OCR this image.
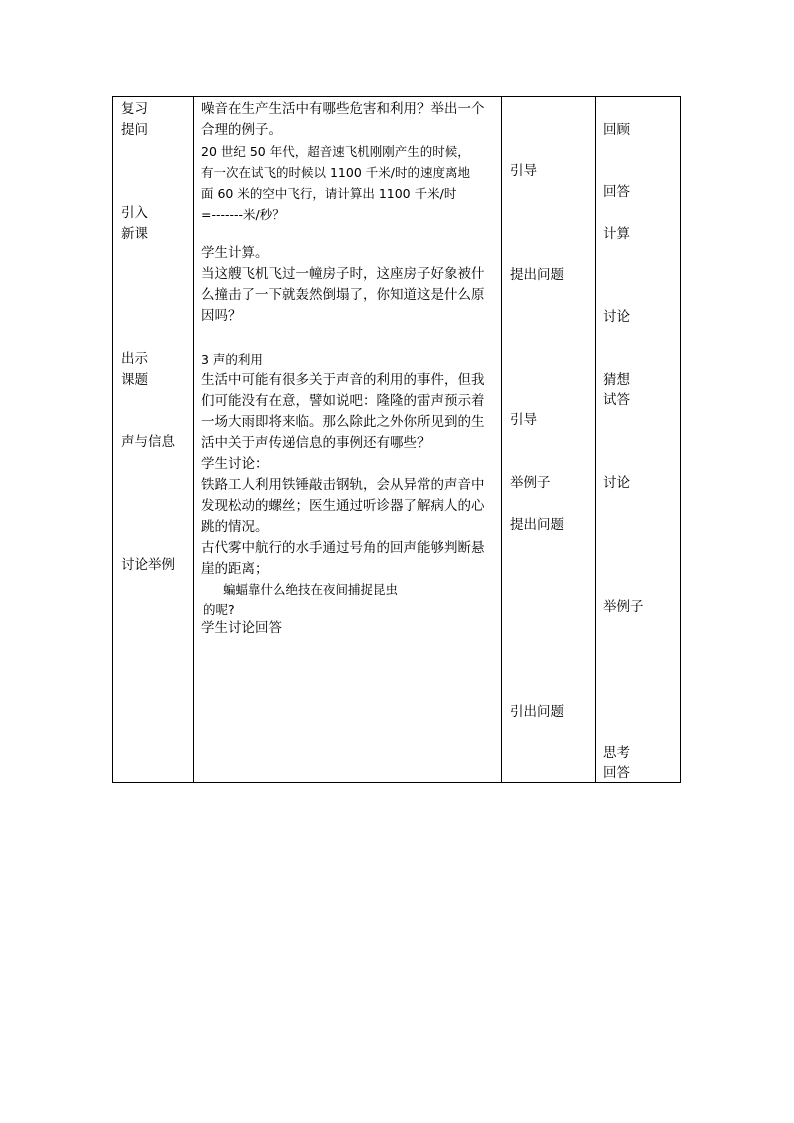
复习
提问
引入
新课
出示
课题
声与信息
讨论举例
噪音在生产生活中有哪些危害和利用？举出一个
合理的例子。
20 世纪 50 年代，超音速飞机刚刚产生的时候，
有一次在试飞的时候以 1100 千米/时的速度离地
面 60 米的空中飞行，请计算出 1100 千米/时
=-------米/秒？
学生计算。
当这艘飞机飞过一幢房子时，这座房子好象被什
么撞击了一下就轰然倒塌了，你知道这是什么原
因吗？
3 声的利用
生活中可能有很多关于声音的利用的事件，但我
们可能没有在意，譬如说吧：隆隆的雷声预示着
一场大雨即将来临。那么除此之外你所见到的生
活中关于声传递信息的事例还有哪些？
学生讨论：
铁路工人利用铁锤敲击钢轨，会从异常的声音中
发现松动的螺丝；医生通过听诊器了解病人的心
跳的情况。
古代雾中航行的水手通过号角的回声能够判断悬
崖的距离；
蝙蝠靠什么绝技在夜间捕捉昆虫
的呢?
学生讨论回答
引导
提出问题
引导
举例子
提出问题
引出问题
回顾
回答
计算
讨论
猜想
试答
讨论
举例子
思考
回答
